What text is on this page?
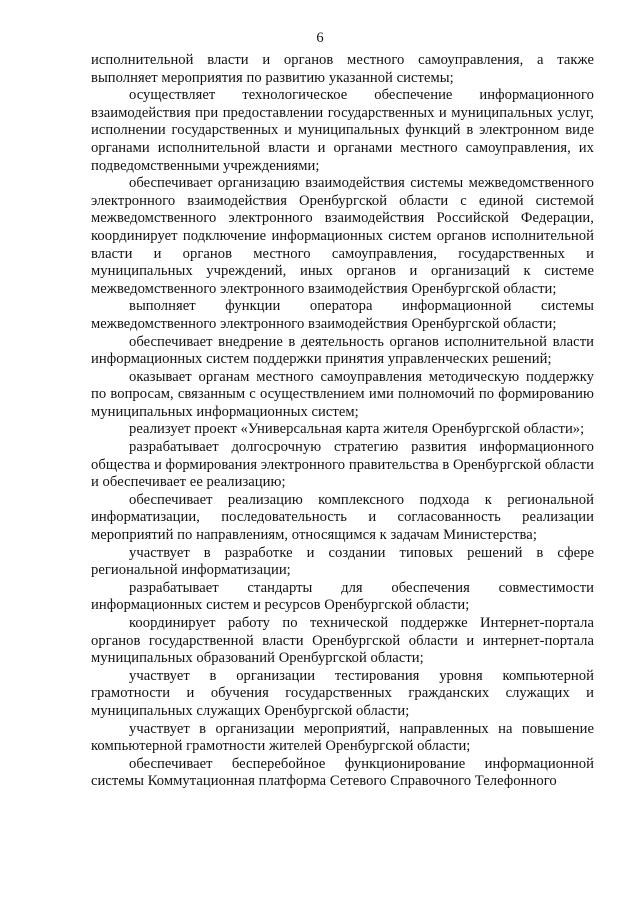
6

исполнительной власти и органов местного самоуправления, а также выполняет мероприятия по развитию указанной системы;

осуществляет технологическое обеспечение информационного взаимодействия при предоставлении государственных и муниципальных услуг, исполнении государственных и муниципальных функций в электронном виде органами исполнительной власти и органами местного самоуправления, их подведомственными учреждениями;

обеспечивает организацию взаимодействия системы межведомственного электронного взаимодействия Оренбургской области с единой системой межведомственного электронного взаимодействия Российской Федерации, координирует подключение информационных систем органов исполнительной власти и органов местного самоуправления, государственных и муниципальных учреждений, иных органов и организаций к системе межведомственного электронного взаимодействия Оренбургской области;

выполняет функции оператора информационной системы межведомственного электронного взаимодействия Оренбургской области;

обеспечивает внедрение в деятельность органов исполнительной власти информационных систем поддержки принятия управленческих решений;

оказывает органам местного самоуправления методическую поддержку по вопросам, связанным с осуществлением ими полномочий по формированию муниципальных информационных систем;

реализует проект «Универсальная карта жителя Оренбургской области»;

разрабатывает долгосрочную стратегию развития информационного общества и формирования электронного правительства в Оренбургской области и обеспечивает ее реализацию;

обеспечивает реализацию комплексного подхода к региональной информатизации, последовательность и согласованность реализации мероприятий по направлениям, относящимся к задачам Министерства;

участвует в разработке и создании типовых решений в сфере региональной информатизации;

разрабатывает стандарты для обеспечения совместимости информационных систем и ресурсов Оренбургской области;

координирует работу по технической поддержке Интернет-портала органов государственной власти Оренбургской области и интернет-портала муниципальных образований Оренбургской области;

участвует в организации тестирования уровня компьютерной грамотности и обучения государственных гражданских служащих и муниципальных служащих Оренбургской области;

участвует в организации мероприятий, направленных на повышение компьютерной грамотности жителей Оренбургской области;

обеспечивает бесперебойное функционирование информационной системы Коммутационная платформа Сетевого Справочного Телефонного
